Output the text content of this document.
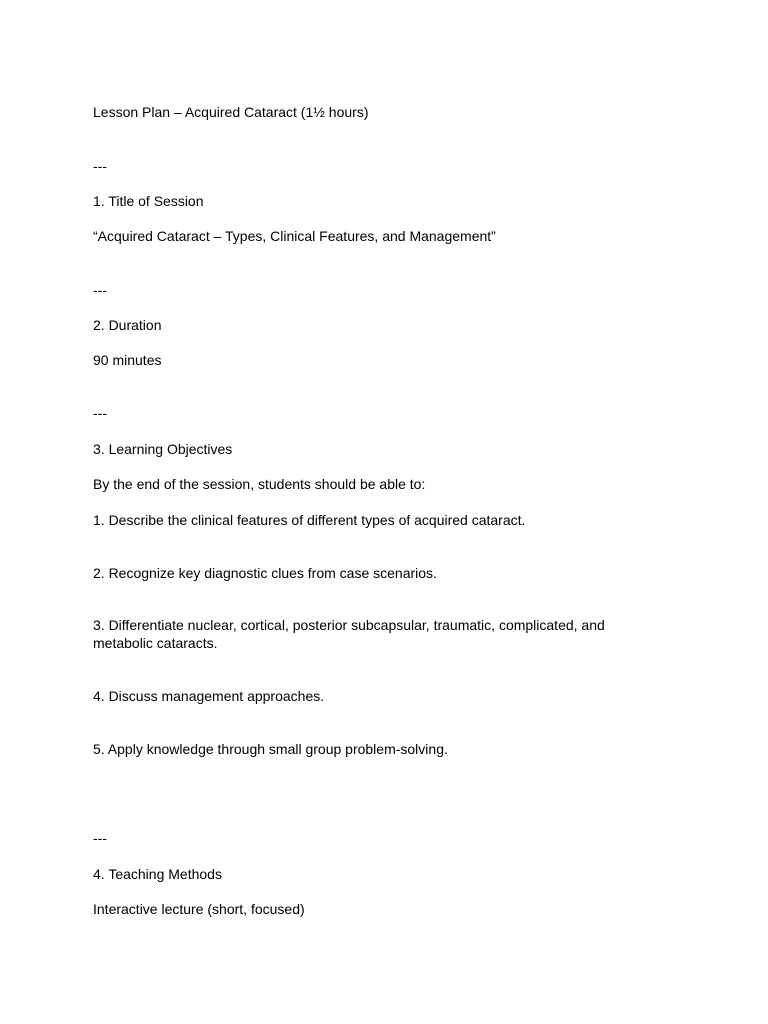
Lesson Plan – Acquired Cataract (1½ hours)

---

1. Title of Session

“Acquired Cataract – Types, Clinical Features, and Management”

---

2. Duration

90 minutes

---

3. Learning Objectives

By the end of the session, students should be able to:

1. Describe the clinical features of different types of acquired cataract.

2. Recognize key diagnostic clues from case scenarios.

3. Differentiate nuclear, cortical, posterior subcapsular, traumatic, complicated, and metabolic cataracts.

4. Discuss management approaches.

5. Apply knowledge through small group problem-solving.

---

4. Teaching Methods

Interactive lecture (short, focused)
